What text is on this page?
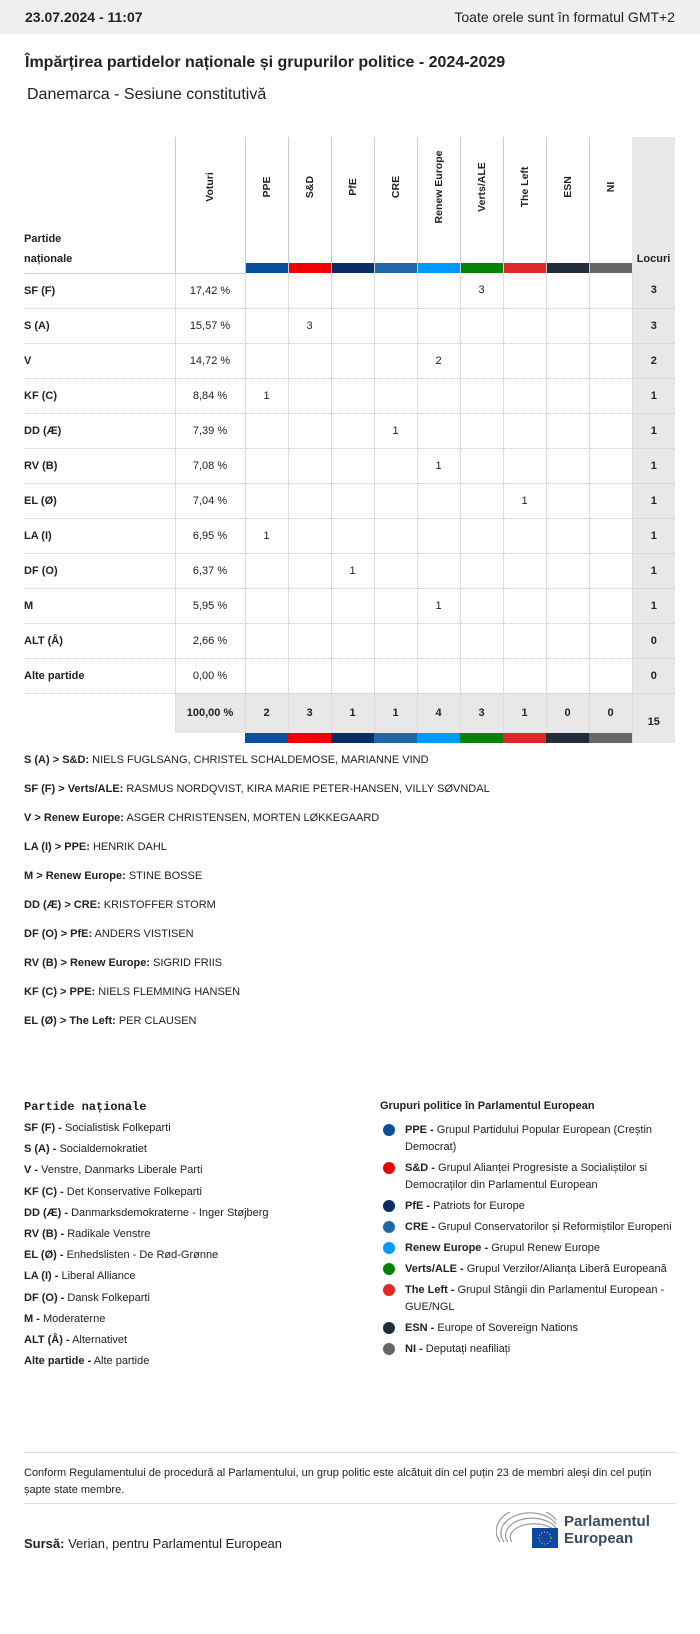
23.07.2024 - 11:07	Toate orele sunt în formatul GMT+2
Împărțirea partidelor naționale și grupurilor politice - 2024-2029
Danemarca - Sesiune constitutivă
Partide
naționale	Voturi	PPE	S&D	PfE	CRE	Renew Europe	Verts/ALE	The Left	ESN	NI	Locuri
SF (F)	17,42 %						3				3
S (A)	15,57 %		3								3
V	14,72 %					2					2
KF (C)	8,84 %	1									1
DD (Æ)	7,39 %				1						1
RV (B)	7,08 %					1					1
EL (Ø)	7,04 %							1			1
LA (I)	6,95 %	1									1
DF (O)	6,37 %			1							1
M	5,95 %					1					1
ALT (Å)	2,66 %										0
Alte partide	0,00 %										0
	100,00 %	2	3	1	1	4	3	1	0	0	15

S (A) > S&D: NIELS FUGLSANG, CHRISTEL SCHALDEMOSE, MARIANNE VIND
SF (F) > Verts/ALE: RASMUS NORDQVIST, KIRA MARIE PETER-HANSEN, VILLY SØVNDAL
V > Renew Europe: ASGER CHRISTENSEN, MORTEN LØKKEGAARD
LA (I) > PPE: HENRIK DAHL
M > Renew Europe: STINE BOSSE
DD (Æ) > CRE: KRISTOFFER STORM
DF (O) > PfE: ANDERS VISTISEN
RV (B) > Renew Europe: SIGRID FRIIS
KF (C) > PPE: NIELS FLEMMING HANSEN
EL (Ø) > The Left: PER CLAUSEN
Partide naționale
SF (F) - Socialistisk Folkeparti
S (A) - Socialdemokratiet
V - Venstre, Danmarks Liberale Parti
KF (C) - Det Konservative Folkeparti
DD (Æ) - Danmarksdemokraterne - Inger Støjberg
RV (B) - Radikale Venstre
EL (Ø) - Enhedslisten - De Rød-Grønne
LA (I) - Liberal Alliance
DF (O) - Dansk Folkeparti
M - Moderaterne
ALT (Å) - Alternativet
Alte partide - Alte partide
Grupuri politice în Parlamentul European
PPE - Grupul Partidului Popular European (Creștin Democrat)
S&D - Grupul Alianței Progresiste a Socialiștilor si Democraților din Parlamentul European
PfE - Patriots for Europe
CRE - Grupul Conservatorilor și Reformiștilor Europeni
Renew Europe - Grupul Renew Europe
Verts/ALE - Grupul Verzilor/Alianța Liberă Europeană
The Left - Grupul Stângii din Parlamentul European - GUE/NGL
ESN - Europe of Sovereign Nations
NI - Deputați neafiliați
Conform Regulamentului de procedură al Parlamentului, un grup politic este alcătuit din cel puțin 23 de membri aleși din cel puțin șapte state membre.
Sursă: Verian, pentru Parlamentul European
Parlamentul
European
